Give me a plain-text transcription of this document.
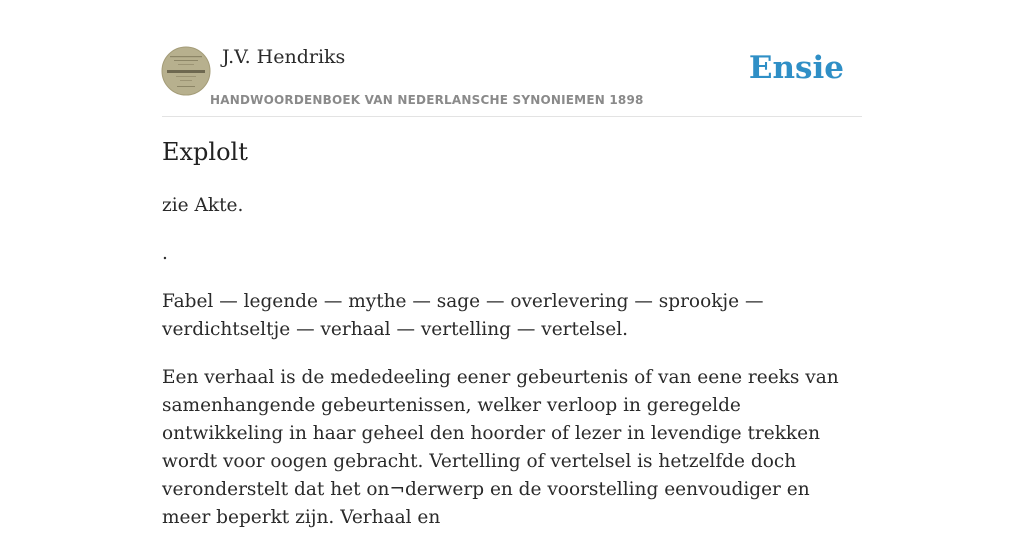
J.V. Hendriks
HANDWOORDENBOEK VAN NEDERLANSCHE SYNONIEMEN 1898
Ensie
Explolt

zie Akte.

.

Fabel — legende — mythe — sage — overlevering — sprookje — verdichtseltje — verhaal — vertelling — vertelsel.

Een verhaal is de mededeeling eener gebeurtenis of van eene reeks van samenhangende gebeurtenissen, welker verloop in geregelde ontwikkeling in haar geheel den hoorder of lezer in levendige trekken wordt voor oogen gebracht. Vertelling of vertelsel is hetzelfde doch veronderstelt dat het on¬derwerp en de voorstelling eenvoudiger en meer beperkt zijn. Verhaal en
